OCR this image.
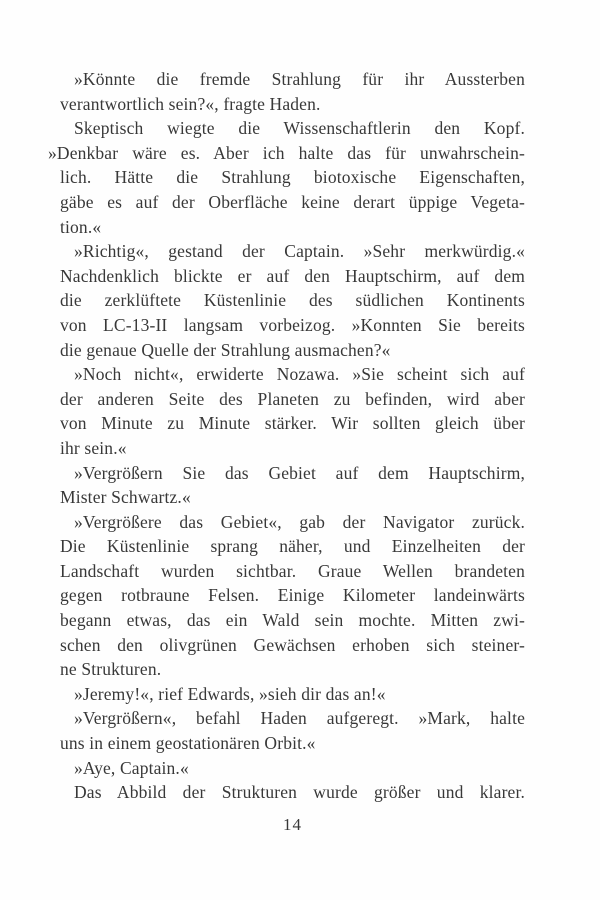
»Könnte die fremde Strahlung für ihr Aussterben
verantwortlich sein?«, fragte Haden.
Skeptisch wiegte die Wissenschaftlerin den Kopf.
»Denkbar wäre es. Aber ich halte das für unwahrschein-
lich. Hätte die Strahlung biotoxische Eigenschaften,
gäbe es auf der Oberfläche keine derart üppige Vegeta-
tion.«
»Richtig«, gestand der Captain. »Sehr merkwürdig.«
Nachdenklich blickte er auf den Hauptschirm, auf dem
die zerklüftete Küstenlinie des südlichen Kontinents
von LC-13-II langsam vorbeizog. »Konnten Sie bereits
die genaue Quelle der Strahlung ausmachen?«
»Noch nicht«, erwiderte Nozawa. »Sie scheint sich auf
der anderen Seite des Planeten zu befinden, wird aber
von Minute zu Minute stärker. Wir sollten gleich über
ihr sein.«
»Vergrößern Sie das Gebiet auf dem Hauptschirm,
Mister Schwartz.«
»Vergrößere das Gebiet«, gab der Navigator zurück.
Die Küstenlinie sprang näher, und Einzelheiten der
Landschaft wurden sichtbar. Graue Wellen brandeten
gegen rotbraune Felsen. Einige Kilometer landeinwärts
begann etwas, das ein Wald sein mochte. Mitten zwi-
schen den olivgrünen Gewächsen erhoben sich steiner-
ne Strukturen.
»Jeremy!«, rief Edwards, »sieh dir das an!«
»Vergrößern«, befahl Haden aufgeregt. »Mark, halte
uns in einem geostationären Orbit.«
»Aye, Captain.«
Das Abbild der Strukturen wurde größer und klarer.
14
